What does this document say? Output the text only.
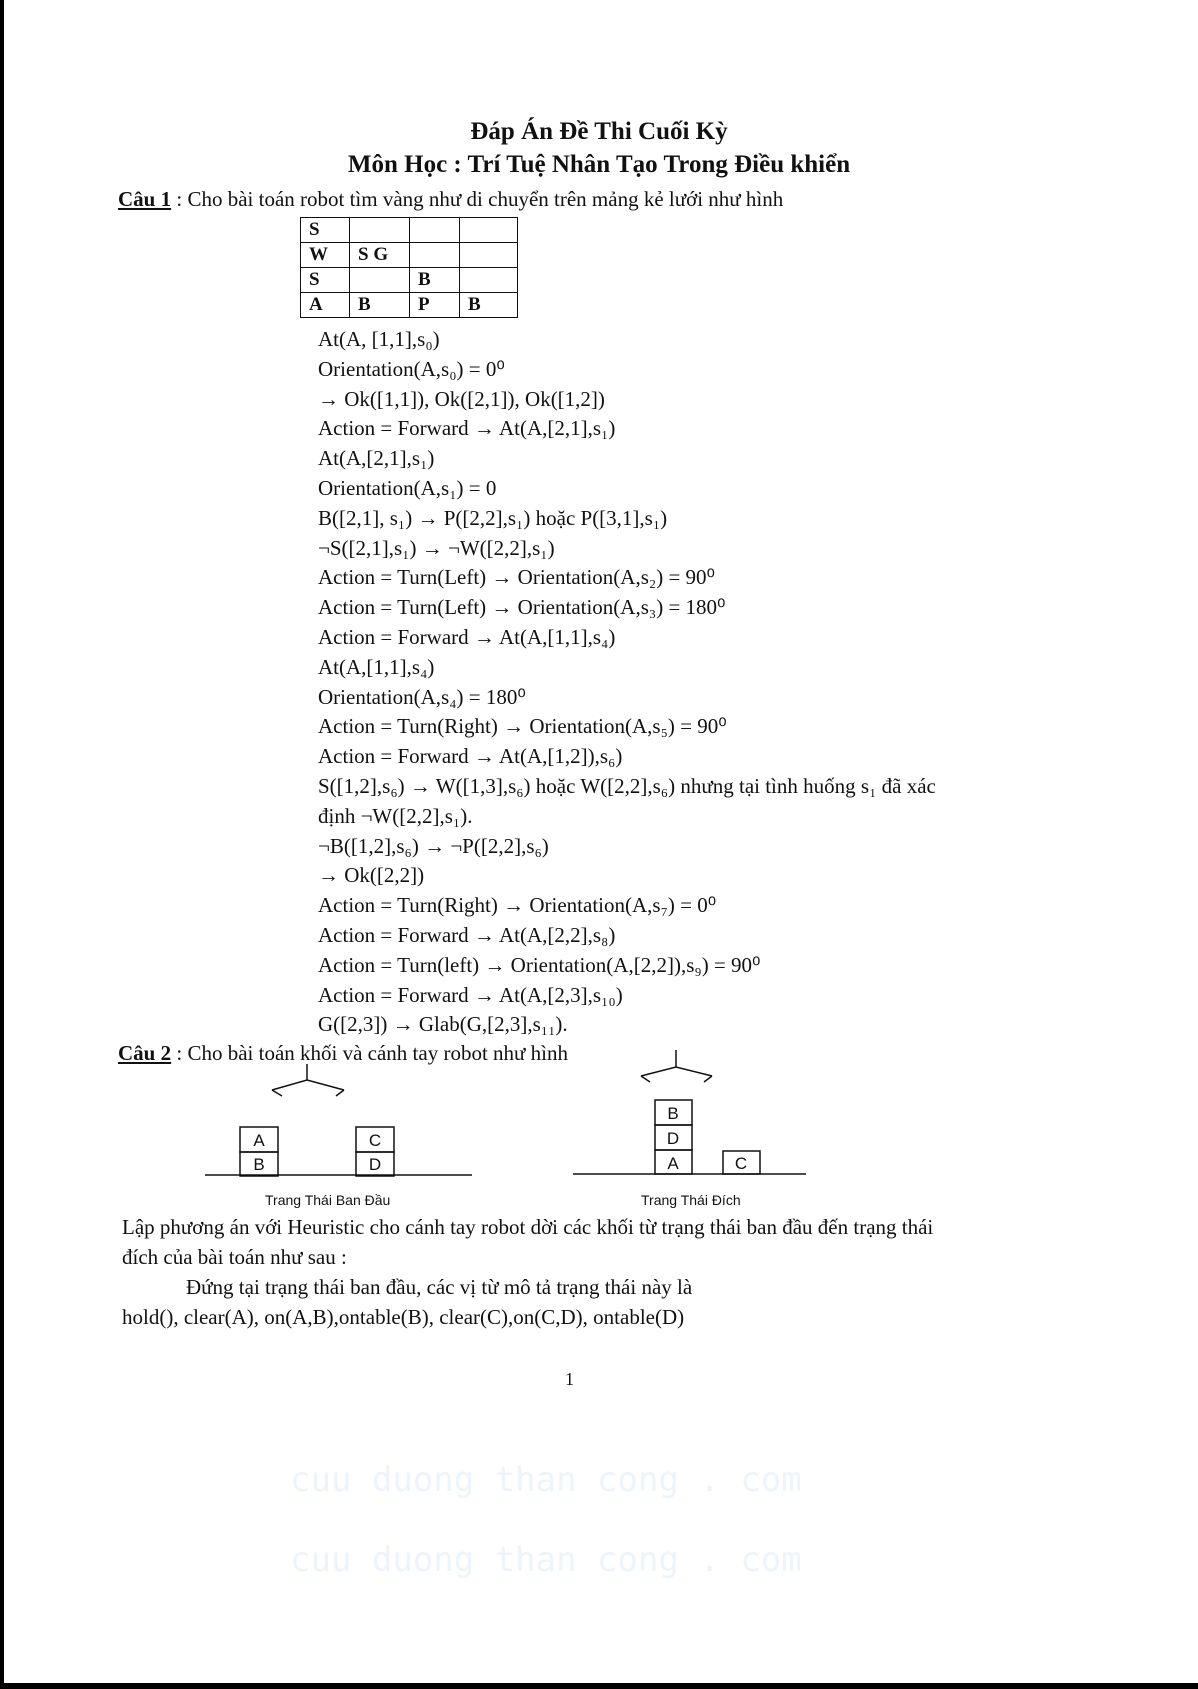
cuu duong than cong . com
cuu duong than cong . com
Đáp Án Đề Thi Cuối Kỳ
Môn Học : Trí Tuệ Nhân Tạo Trong Điều khiển
Câu 1 : Cho bài toán robot tìm vàng như di chuyển trên mảng kẻ lưới như hình
S			
W	S G		
S		B	
A	B	P	B
At(A, [1,1],s₀)
Orientation(A,s₀) = 0⁰
→ Ok([1,1]), Ok([2,1]), Ok([1,2])
Action = Forward → At(A,[2,1],s₁)
At(A,[2,1],s₁)
Orientation(A,s₁) = 0
B([2,1], s₁) → P([2,2],s₁) hoặc P([3,1],s₁)
¬S([2,1],s₁) → ¬W([2,2],s₁)
Action = Turn(Left) → Orientation(A,s₂) = 90⁰
Action = Turn(Left) → Orientation(A,s₃) = 180⁰
Action = Forward → At(A,[1,1],s₄)
At(A,[1,1],s₄)
Orientation(A,s₄) = 180⁰
Action = Turn(Right) → Orientation(A,s₅) = 90⁰
Action = Forward → At(A,[1,2]),s₆)
S([1,2],s₆) → W([1,3],s₆) hoặc W([2,2],s₆) nhưng tại tình huống s₁ đã xác
định ¬W([2,2],s₁).
¬B([1,2],s₆) → ¬P([2,2],s₆)
→ Ok([2,2])
Action = Turn(Right) → Orientation(A,s₇) = 0⁰
Action = Forward → At(A,[2,2],s₈)
Action = Turn(left) → Orientation(A,[2,2]),s₉) = 90⁰
Action = Forward → At(A,[2,3],s₁₀)
G([2,3]) → Glab(G,[2,3],s₁₁).
Câu 2 : Cho bài toán khối và cánh tay robot như hình
A
B
C
D
B
D
A	C
Trang Thái Ban Đầu	Trang Thái Đích
Lập phương án với Heuristic cho cánh tay robot dời các khối từ trạng thái ban đầu đến trạng thái
đích của bài toán như sau :
Đứng tại trạng thái ban đầu, các vị từ mô tả trạng thái này là
hold(), clear(A), on(A,B),ontable(B), clear(C),on(C,D), ontable(D)
1
